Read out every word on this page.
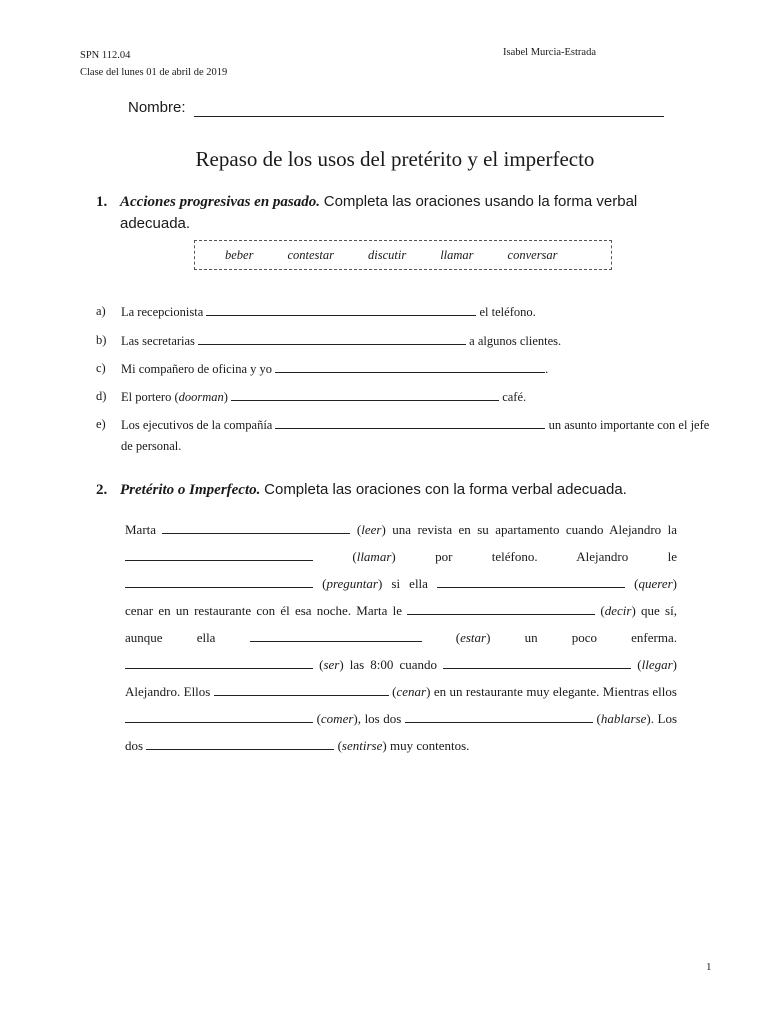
SPN 112.04
Clase del lunes 01 de abril de 2019
Isabel Murcia-Estrada
Nombre:
Repaso de los usos del pretérito y el imperfecto
1. Acciones progresivas en pasado. Completa las oraciones usando la forma verbal adecuada.
beber	contestar	discutir	llamar	conversar
a) La recepcionista	el teléfono.
b) Las secretarias	a algunos clientes.
c) Mi compañero de oficina y yo	.
d) El portero (doorman)	café.
e) Los ejecutivos de la compañía	un asunto importante con el jefe de personal.
2. Pretérito o Imperfecto. Completa las oraciones con la forma verbal adecuada.
Marta	(leer) una revista en su apartamento cuando Alejandro la  (llamar) por teléfono. Alejandro le  (preguntar) si ella	(querer) cenar en un restaurante con él esa noche. Marta le	(decir) que sí, aunque ella	(estar) un poco enferma.  (ser) las 8:00 cuando	(llegar) Alejandro. Ellos	(cenar) en un restaurante muy elegante. Mientras ellos  (comer), los dos	(hablarse). Los dos	(sentirse) muy contentos.
1
